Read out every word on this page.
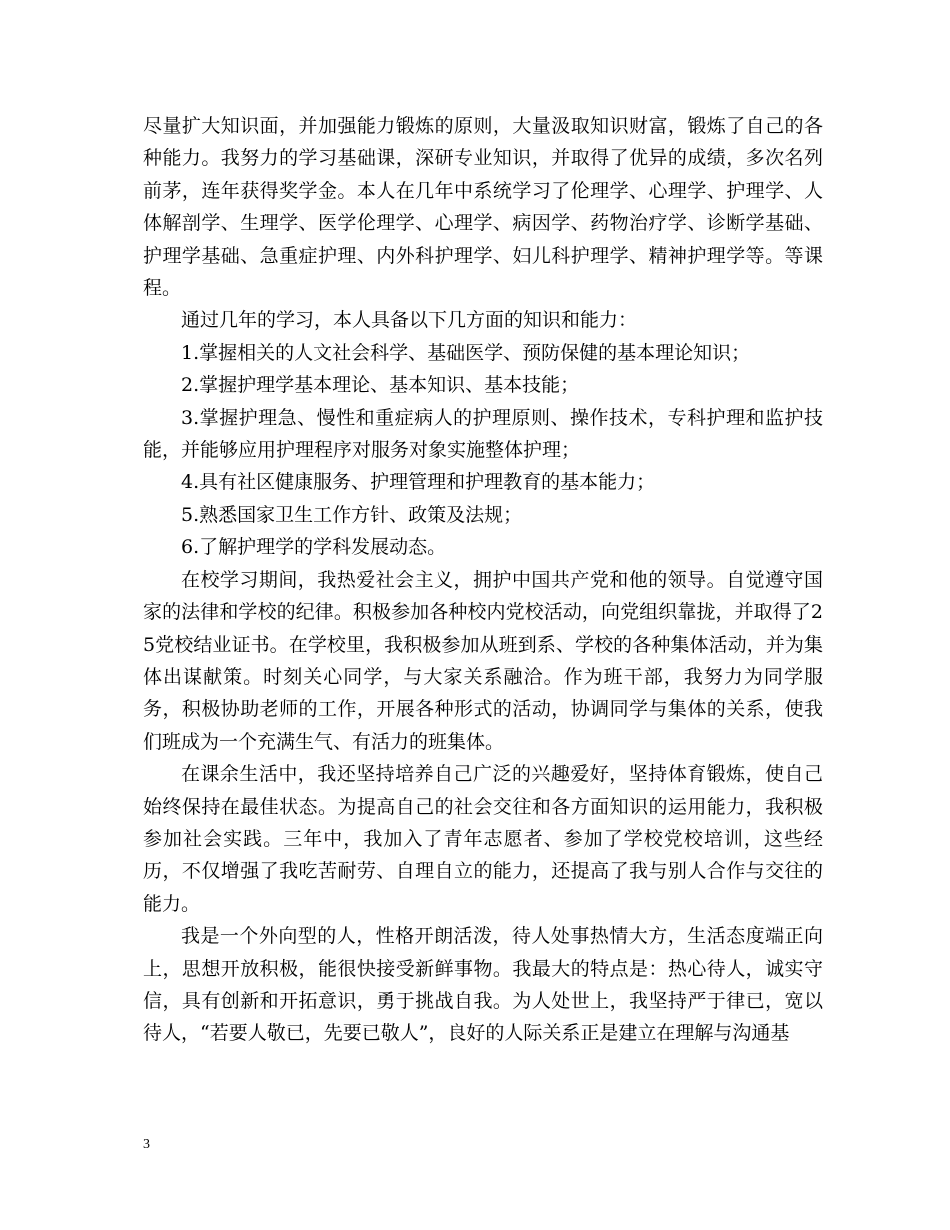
尽量扩大知识面，并加强能力锻炼的原则，大量汲取知识财富，锻炼了自己的各种能力。我努力的学习基础课，深研专业知识，并取得了优异的成绩，多次名列前茅，连年获得奖学金。本人在几年中系统学习了伦理学、心理学、护理学、人体解剖学、生理学、医学伦理学、心理学、病因学、药物治疗学、诊断学基础、护理学基础、急重症护理、内外科护理学、妇儿科护理学、精神护理学等。等课程。

通过几年的学习，本人具备以下几方面的知识和能力：

1.掌握相关的人文社会科学、基础医学、预防保健的基本理论知识；

2.掌握护理学基本理论、基本知识、基本技能；

3.掌握护理急、慢性和重症病人的护理原则、操作技术，专科护理和监护技能，并能够应用护理程序对服务对象实施整体护理；

4.具有社区健康服务、护理管理和护理教育的基本能力；

5.熟悉国家卫生工作方针、政策及法规；

6.了解护理学的学科发展动态。

在校学习期间，我热爱社会主义，拥护中国共产党和他的领导。自觉遵守国家的法律和学校的纪律。积极参加各种校内党校活动，向党组织靠拢，并取得了25党校结业证书。在学校里，我积极参加从班到系、学校的各种集体活动，并为集体出谋献策。时刻关心同学，与大家关系融洽。作为班干部，我努力为同学服务，积极协助老师的工作，开展各种形式的活动，协调同学与集体的关系，使我们班成为一个充满生气、有活力的班集体。

在课余生活中，我还坚持培养自己广泛的兴趣爱好，坚持体育锻炼，使自己始终保持在最佳状态。为提高自己的社会交往和各方面知识的运用能力，我积极参加社会实践。三年中，我加入了青年志愿者、参加了学校党校培训，这些经历，不仅增强了我吃苦耐劳、自理自立的能力，还提高了我与别人合作与交往的能力。

我是一个外向型的人，性格开朗活泼，待人处事热情大方，生活态度端正向上，思想开放积极，能很快接受新鲜事物。我最大的特点是：热心待人，诚实守信，具有创新和开拓意识，勇于挑战自我。为人处世上，我坚持严于律已，宽以待人，“若要人敬已，先要已敬人”，良好的人际关系正是建立在理解与沟通基

3
